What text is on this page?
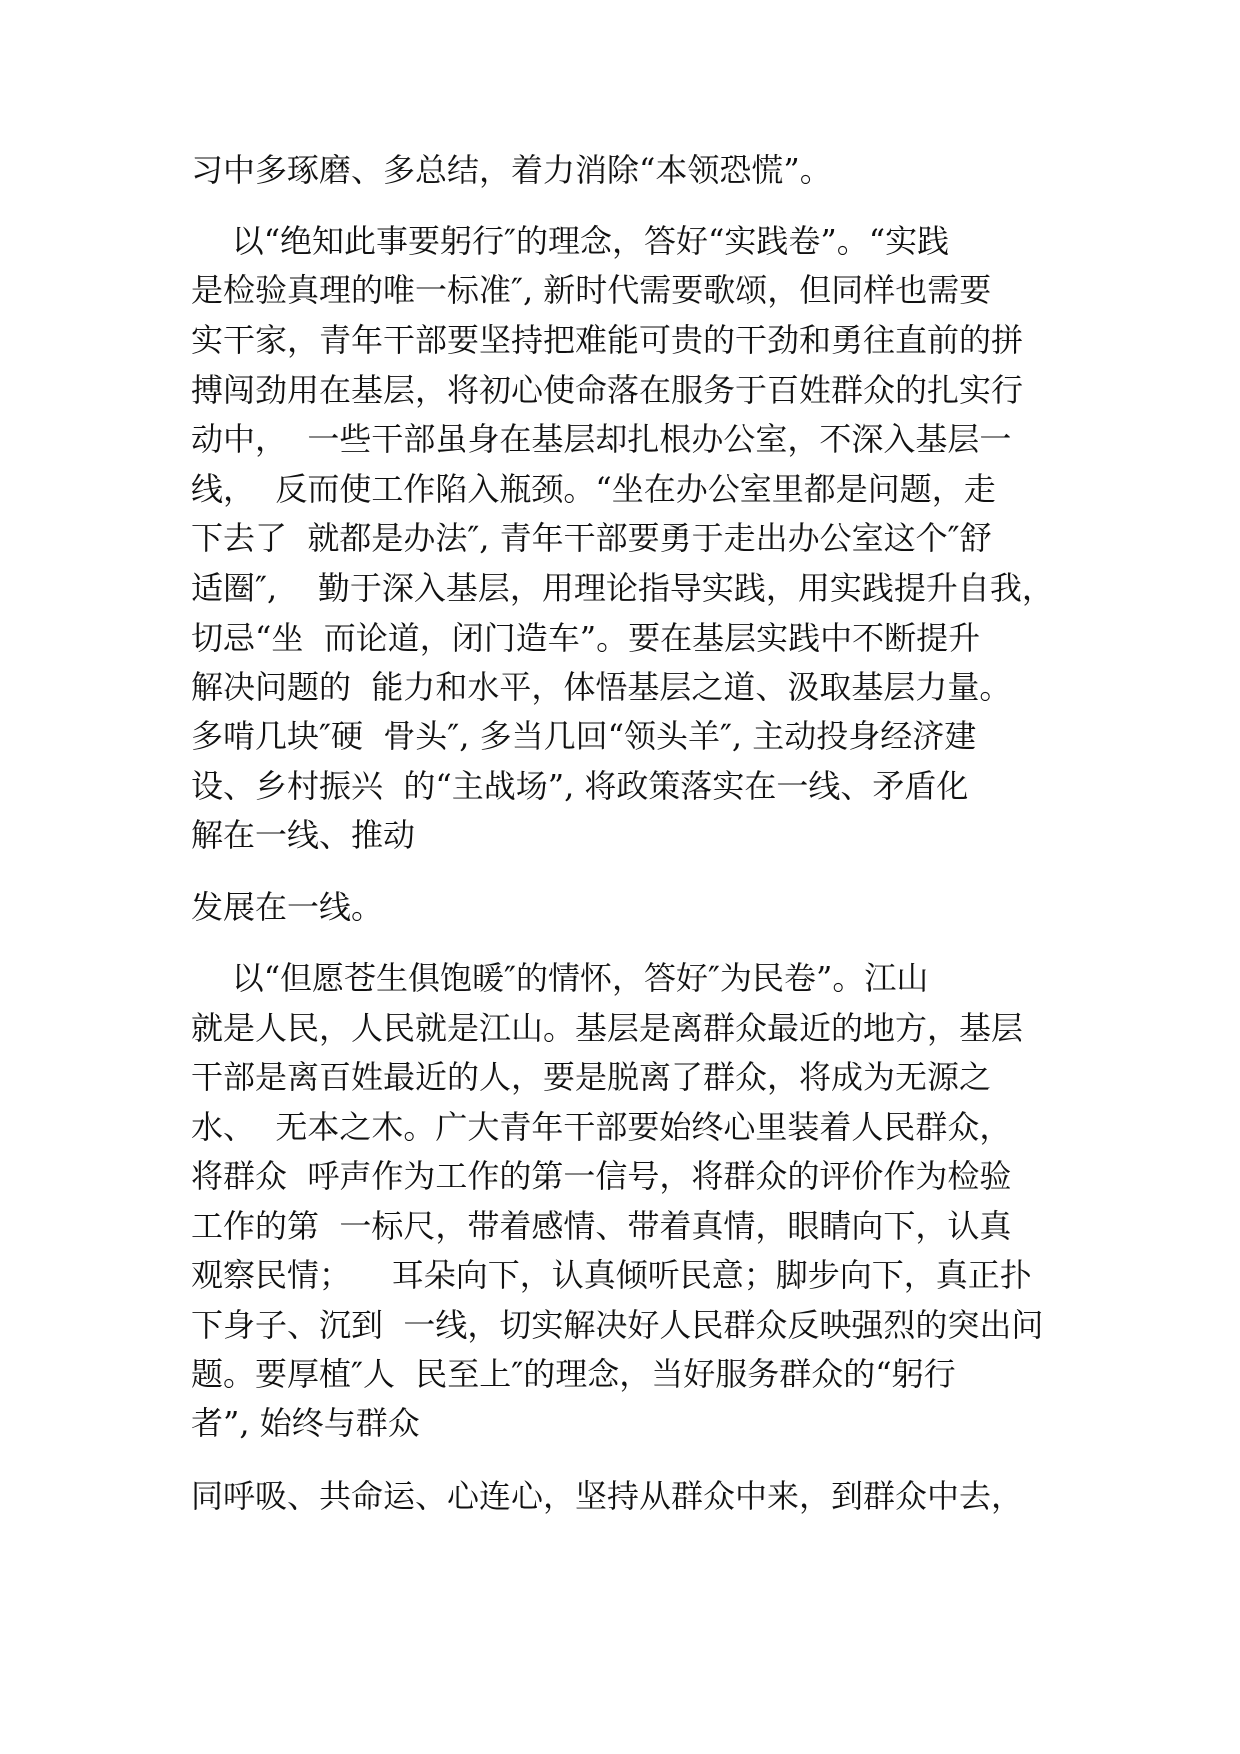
习中多琢磨、多总结，着力消除“本领恐慌”。
以“绝知此事要躬行″的理念，答好“实践卷”。“实践
是检验真理的唯一标准″, 新时代需要歌颂，但同样也需要
实干家，青年干部要坚持把难能可贵的干劲和勇往直前的拼
搏闯劲用在基层，将初心使命落在服务于百姓群众的扎实行
动中，  一些干部虽身在基层却扎根办公室，不深入基层一
线，  反而使工作陷入瓶颈。“坐在办公室里都是问题，走
下去了  就都是办法″, 青年干部要勇于走出办公室这个″舒
适圈″,    勤于深入基层，用理论指导实践，用实践提升自我，
切忌“坐  而论道，闭门造车”。要在基层实践中不断提升
解决问题的  能力和水平，体悟基层之道、汲取基层力量。
多啃几块″硬  骨头″, 多当几回“领头羊″, 主动投身经济建
设、乡村振兴  的“主战场”, 将政策落实在一线、矛盾化
解在一线、推动
发展在一线。
以“但愿苍生俱饱暖″的情怀，答好″为民卷”。江山
就是人民，人民就是江山。基层是离群众最近的地方，基层
干部是离百姓最近的人，要是脱离了群众，将成为无源之
水、  无本之木。广大青年干部要始终心里装着人民群众，
将群众  呼声作为工作的第一信号，将群众的评价作为检验
工作的第  一标尺，带着感情、带着真情，眼睛向下，认真
观察民情；    耳朵向下，认真倾听民意；脚步向下，真正扑
下身子、沉到  一线，切实解决好人民群众反映强烈的突出问
题。要厚植″人  民至上″的理念，当好服务群众的“躬行
者”, 始终与群众
同呼吸、共命运、心连心，坚持从群众中来，到群众中去，
